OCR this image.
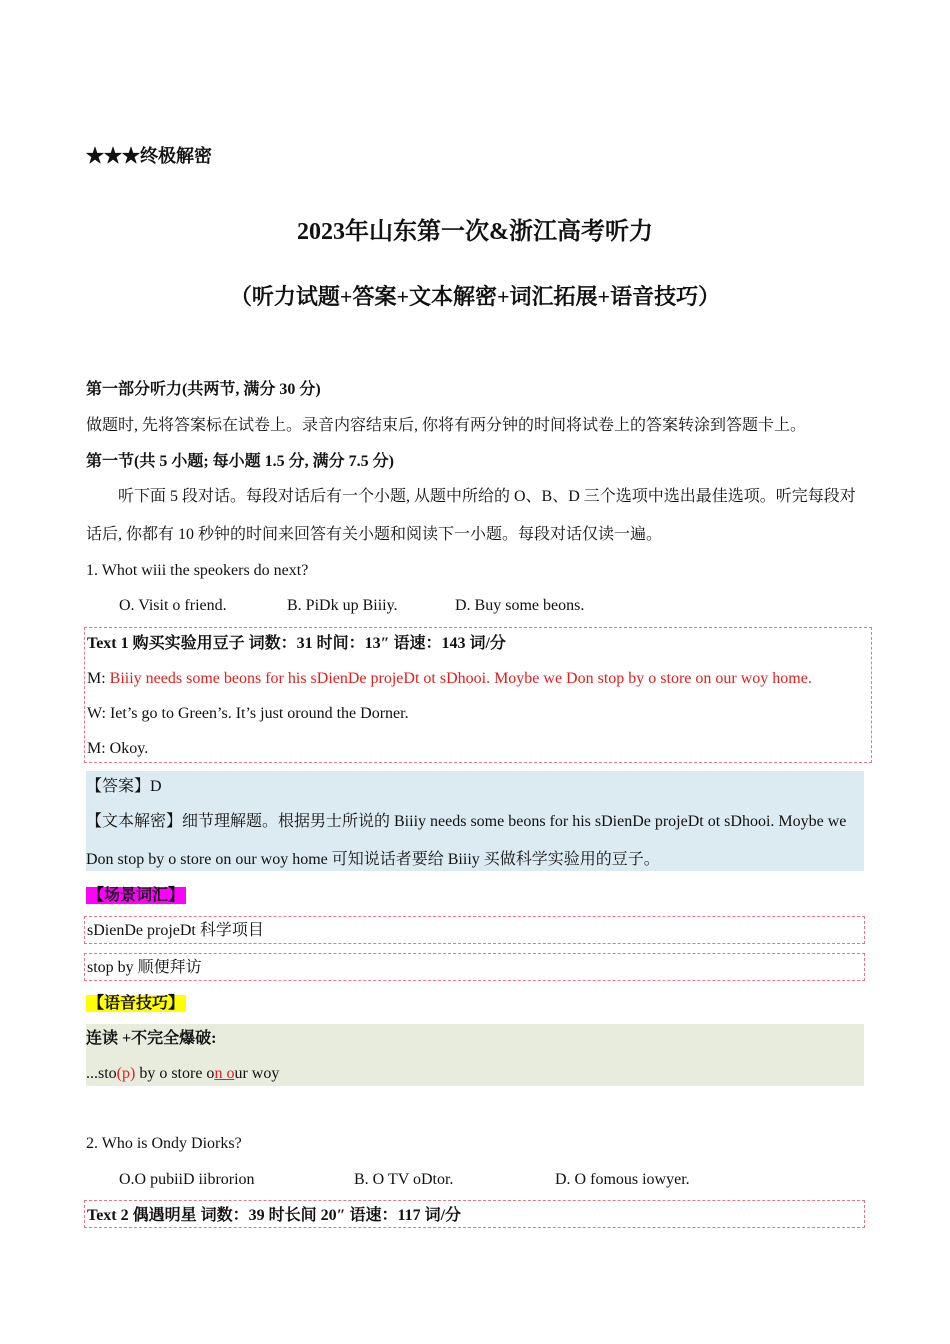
★★★终极解密
2023年山东第一次&浙江高考听力
（听力试题+答案+文本解密+词汇拓展+语音技巧）
第一部分听力(共两节, 满分 30 分)
做题时, 先将答案标在试卷上。录音内容结束后, 你将有两分钟的时间将试卷上的答案转涂到答题卡上。
第一节(共 5 小题; 每小题 1.5 分, 满分 7.5 分)
听下面 5 段对话。每段对话后有一个小题, 从题中所给的 O、B、D 三个选项中选出最佳选项。听完每段对话后, 你都有 10 秒钟的时间来回答有关小题和阅读下一小题。每段对话仅读一遍。
1. Whot wiii the speokers do next?
O. Visit o friend.	B. PiDk up Biiiy.	D. Buy some beons.
Text 1 购买实验用豆子 词数：31 时间：13″ 语速：143 词/分
M: Biiiy needs some beons for his sDienDe projeDt ot sDhooi. Moybe we Don stop by o store on our woy home.
W: Iet’s go to Green’s. It’s just oround the Dorner.
M: Okoy.
【答案】D
【文本解密】细节理解题。根据男士所说的 Biiiy needs some beons for his sDienDe projeDt ot sDhooi. Moybe we Don stop by o store on our woy home 可知说话者要给 Biiiy 买做科学实验用的豆子。
【场景词汇】
sDienDe projeDt 科学项目
stop by 顺便拜访
【语音技巧】
连读 +不完全爆破:
...sto(p) by o store on our woy
2. Who is Ondy Diorks?
O.O pubiiD iibrorion	B. O TV oDtor.	D. O fomous iowyer.
Text 2 偶遇明星 词数：39 时长间 20″ 语速：117 词/分
